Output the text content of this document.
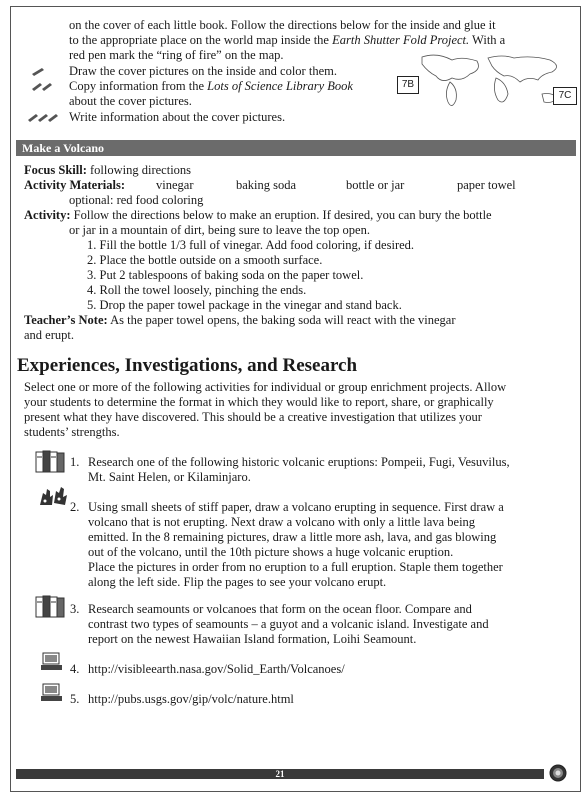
on the cover of each little book. Follow the directions below for the inside and glue it
to the appropriate place on the world map inside the Earth Shutter Fold Project. With a
red pen mark the “ring of fire” on the map.
Draw the cover pictures on the inside and color them.
Copy information from the Lots of Science Library Book
about the cover pictures.
Write information about the cover pictures.
7B
7C
Make a Volcano
Focus Skill: following directions
Activity Materials: vinegar	baking soda	bottle or jar	paper towel
optional: red food coloring
Activity: Follow the directions below to make an eruption. If desired, you can bury the bottle
or jar in a mountain of dirt, being sure to leave the top open.
1. Fill the bottle 1/3 full of vinegar. Add food coloring, if desired.
2. Place the bottle outside on a smooth surface.
3. Put 2 tablespoons of baking soda on the paper towel.
4. Roll the towel loosely, pinching the ends.
5. Drop the paper towel package in the vinegar and stand back.
Teacher’s Note: As the paper towel opens, the baking soda will react with the vinegar
and erupt.
Experiences, Investigations, and Research
Select one or more of the following activities for individual or group enrichment projects. Allow
your students to determine the format in which they would like to report, share, or graphically
present what they have discovered. This should be a creative investigation that utilizes your
students’ strengths.
1. Research one of the following historic volcanic eruptions: Pompeii, Fugi, Vesuvilus,
Mt. Saint Helen, or Kilaminjaro.
2. Using small sheets of stiff paper, draw a volcano erupting in sequence. First draw a
volcano that is not erupting. Next draw a volcano with only a little lava being
emitted. In the 8 remaining pictures, draw a little more ash, lava, and gas blowing
out of the volcano, until the 10th picture shows a huge volcanic eruption.
Place the pictures in order from no eruption to a full eruption. Staple them together
along the left side. Flip the pages to see your volcano erupt.
3. Research seamounts or volcanoes that form on the ocean floor. Compare and
contrast two types of seamounts – a guyot and a volcanic island. Investigate and
report on the newest Hawaiian Island formation, Loihi Seamount.
4. http://visibleearth.nasa.gov/Solid_Earth/Volcanoes/
5. http://pubs.usgs.gov/gip/volc/nature.html
21
